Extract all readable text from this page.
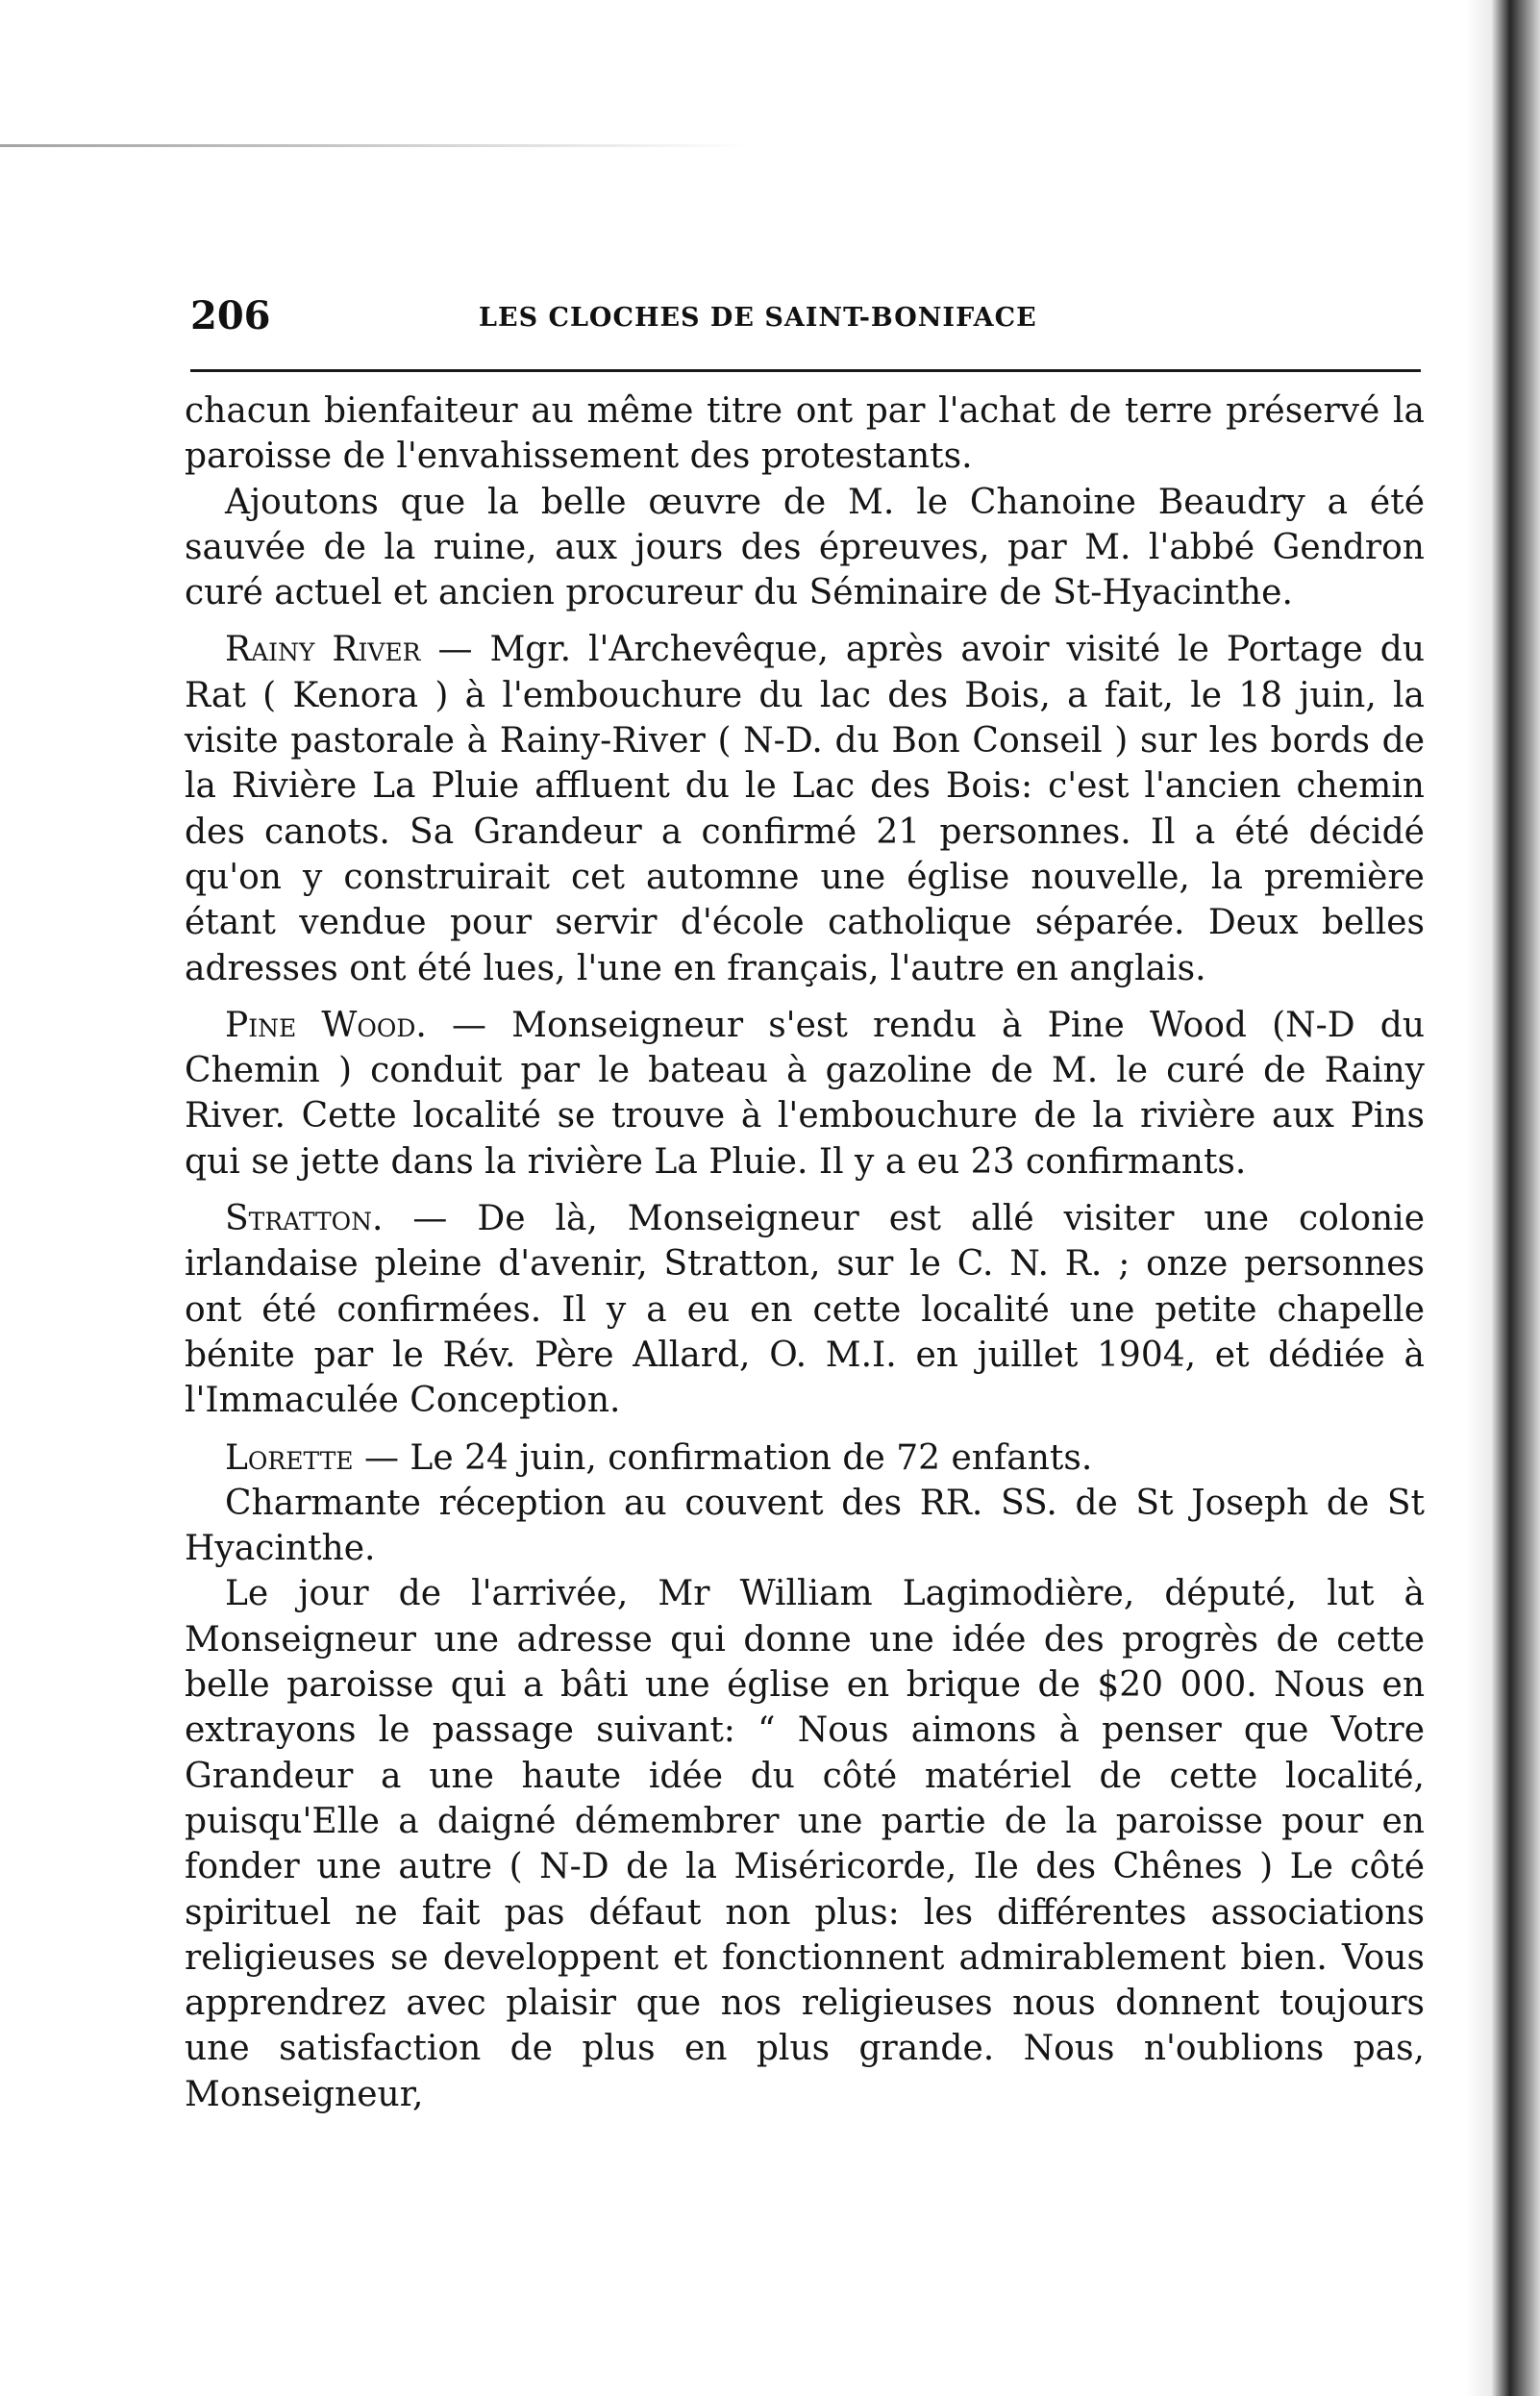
206	LES CLOCHES DE SAINT-BONIFACE

chacun bienfaiteur au même titre ont par l'achat de terre préservé la paroisse de l'envahissement des protestants.

Ajoutons que la belle œuvre de M. le Chanoine Beaudry a été sauvée de la ruine, aux jours des épreuves, par M. l'abbé Gendron curé actuel et ancien procureur du Séminaire de St-Hyacinthe.

Rainy River — Mgr. l'Archevêque, après avoir visité le Portage du Rat ( Kenora ) à l'embouchure du lac des Bois, a fait, le 18 juin, la visite pastorale à Rainy-River ( N-D. du Bon Conseil ) sur les bords de la Rivière La Pluie affluent du le Lac des Bois: c'est l'ancien chemin des canots. Sa Grandeur a confirmé 21 personnes. Il a été décidé qu'on y construirait cet automne une église nouvelle, la première étant vendue pour servir d'école catholique séparée. Deux belles adresses ont été lues, l'une en français, l'autre en anglais.

Pine Wood. — Monseigneur s'est rendu à Pine Wood (N-D du Chemin ) conduit par le bateau à gazoline de M. le curé de Rainy River. Cette localité se trouve à l'embouchure de la rivière aux Pins qui se jette dans la rivière La Pluie. Il y a eu 23 confirmants.

Stratton. — De là, Monseigneur est allé visiter une colonie irlandaise pleine d'avenir, Stratton, sur le C. N. R. ; onze personnes ont été confirmées. Il y a eu en cette localité une petite chapelle bénite par le Rév. Père Allard, O. M.I. en juillet 1904, et dédiée à l'Immaculée Conception.

Lorette — Le 24 juin, confirmation de 72 enfants.

Charmante réception au couvent des RR. SS. de St Joseph de St Hyacinthe.

Le jour de l'arrivée, Mr William Lagimodière, député, lut à Monseigneur une adresse qui donne une idée des progrès de cette belle paroisse qui a bâti une église en brique de $20 000. Nous en extrayons le passage suivant: “ Nous aimons à penser que Votre Grandeur a une haute idée du côté matériel de cette localité, puisqu'Elle a daigné démembrer une partie de la paroisse pour en fonder une autre ( N-D de la Miséricorde, Ile des Chênes ) Le côté spirituel ne fait pas défaut non plus: les différentes associations religieuses se developpent et fonctionnent admirablement bien. Vous apprendrez avec plaisir que nos religieuses nous donnent toujours une satisfaction de plus en plus grande. Nous n'oublions pas, Monseigneur,
